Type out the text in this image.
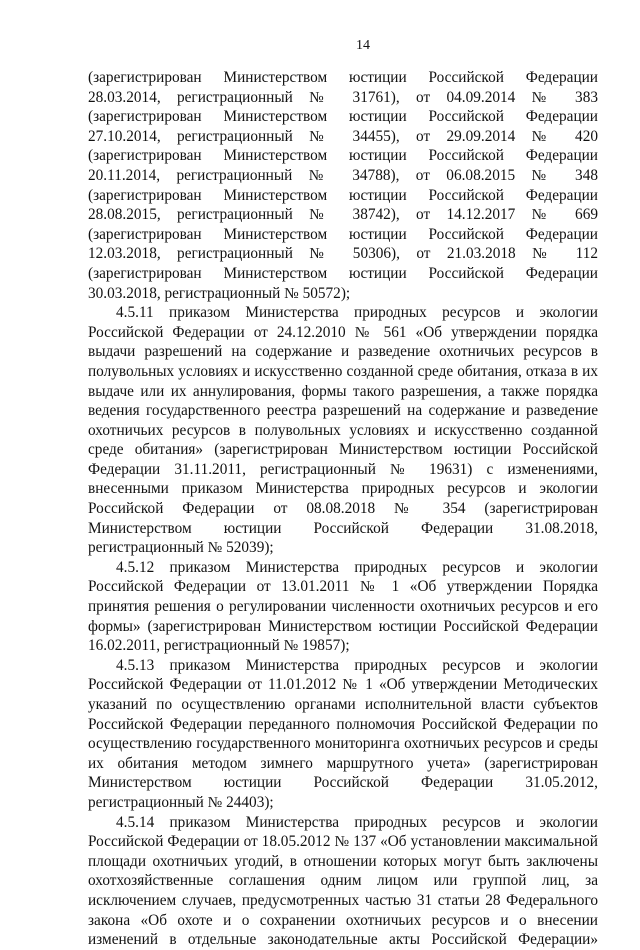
14
(зарегистрирован Министерством юстиции Российской Федерации
28.03.2014, регистрационный № 31761), от 04.09.2014 № 383
(зарегистрирован Министерством юстиции Российской Федерации
27.10.2014, регистрационный № 34455), от 29.09.2014 № 420
(зарегистрирован Министерством юстиции Российской Федерации
20.11.2014, регистрационный № 34788), от 06.08.2015 № 348
(зарегистрирован Министерством юстиции Российской Федерации
28.08.2015, регистрационный № 38742), от 14.12.2017 № 669
(зарегистрирован Министерством юстиции Российской Федерации
12.03.2018, регистрационный № 50306), от 21.03.2018 № 112
(зарегистрирован Министерством юстиции Российской Федерации
30.03.2018, регистрационный № 50572);
4.5.11 приказом Министерства природных ресурсов и экологии
Российской Федерации от 24.12.2010 № 561 «Об утверждении порядка
выдачи разрешений на содержание и разведение охотничьих ресурсов в
полувольных условиях и искусственно созданной среде обитания, отказа в их
выдаче или их аннулирования, формы такого разрешения, а также порядка
ведения государственного реестра разрешений на содержание и разведение
охотничьих ресурсов в полувольных условиях и искусственно созданной
среде обитания» (зарегистрирован Министерством юстиции Российской
Федерации 31.11.2011, регистрационный № 19631) с изменениями,
внесенными приказом Министерства природных ресурсов и экологии
Российской Федерации от 08.08.2018 № 354 (зарегистрирован
Министерством юстиции Российской Федерации 31.08.2018,
регистрационный № 52039);
4.5.12 приказом Министерства природных ресурсов и экологии
Российской Федерации от 13.01.2011 № 1 «Об утверждении Порядка
принятия решения о регулировании численности охотничьих ресурсов и его
формы» (зарегистрирован Министерством юстиции Российской Федерации
16.02.2011, регистрационный № 19857);
4.5.13 приказом Министерства природных ресурсов и экологии
Российской Федерации от 11.01.2012 № 1 «Об утверждении Методических
указаний по осуществлению органами исполнительной власти субъектов
Российской Федерации переданного полномочия Российской Федерации по
осуществлению государственного мониторинга охотничьих ресурсов и среды
их обитания методом зимнего маршрутного учета» (зарегистрирован
Министерством юстиции Российской Федерации 31.05.2012,
регистрационный № 24403);
4.5.14 приказом Министерства природных ресурсов и экологии
Российской Федерации от 18.05.2012 № 137 «Об установлении максимальной
площади охотничьих угодий, в отношении которых могут быть заключены
охотхозяйственные соглашения одним лицом или группой лиц, за
исключением случаев, предусмотренных частью 31 статьи 28 Федерального
закона «Об охоте и о сохранении охотничьих ресурсов и о внесении
изменений в отдельные законодательные акты Российской Федерации»
